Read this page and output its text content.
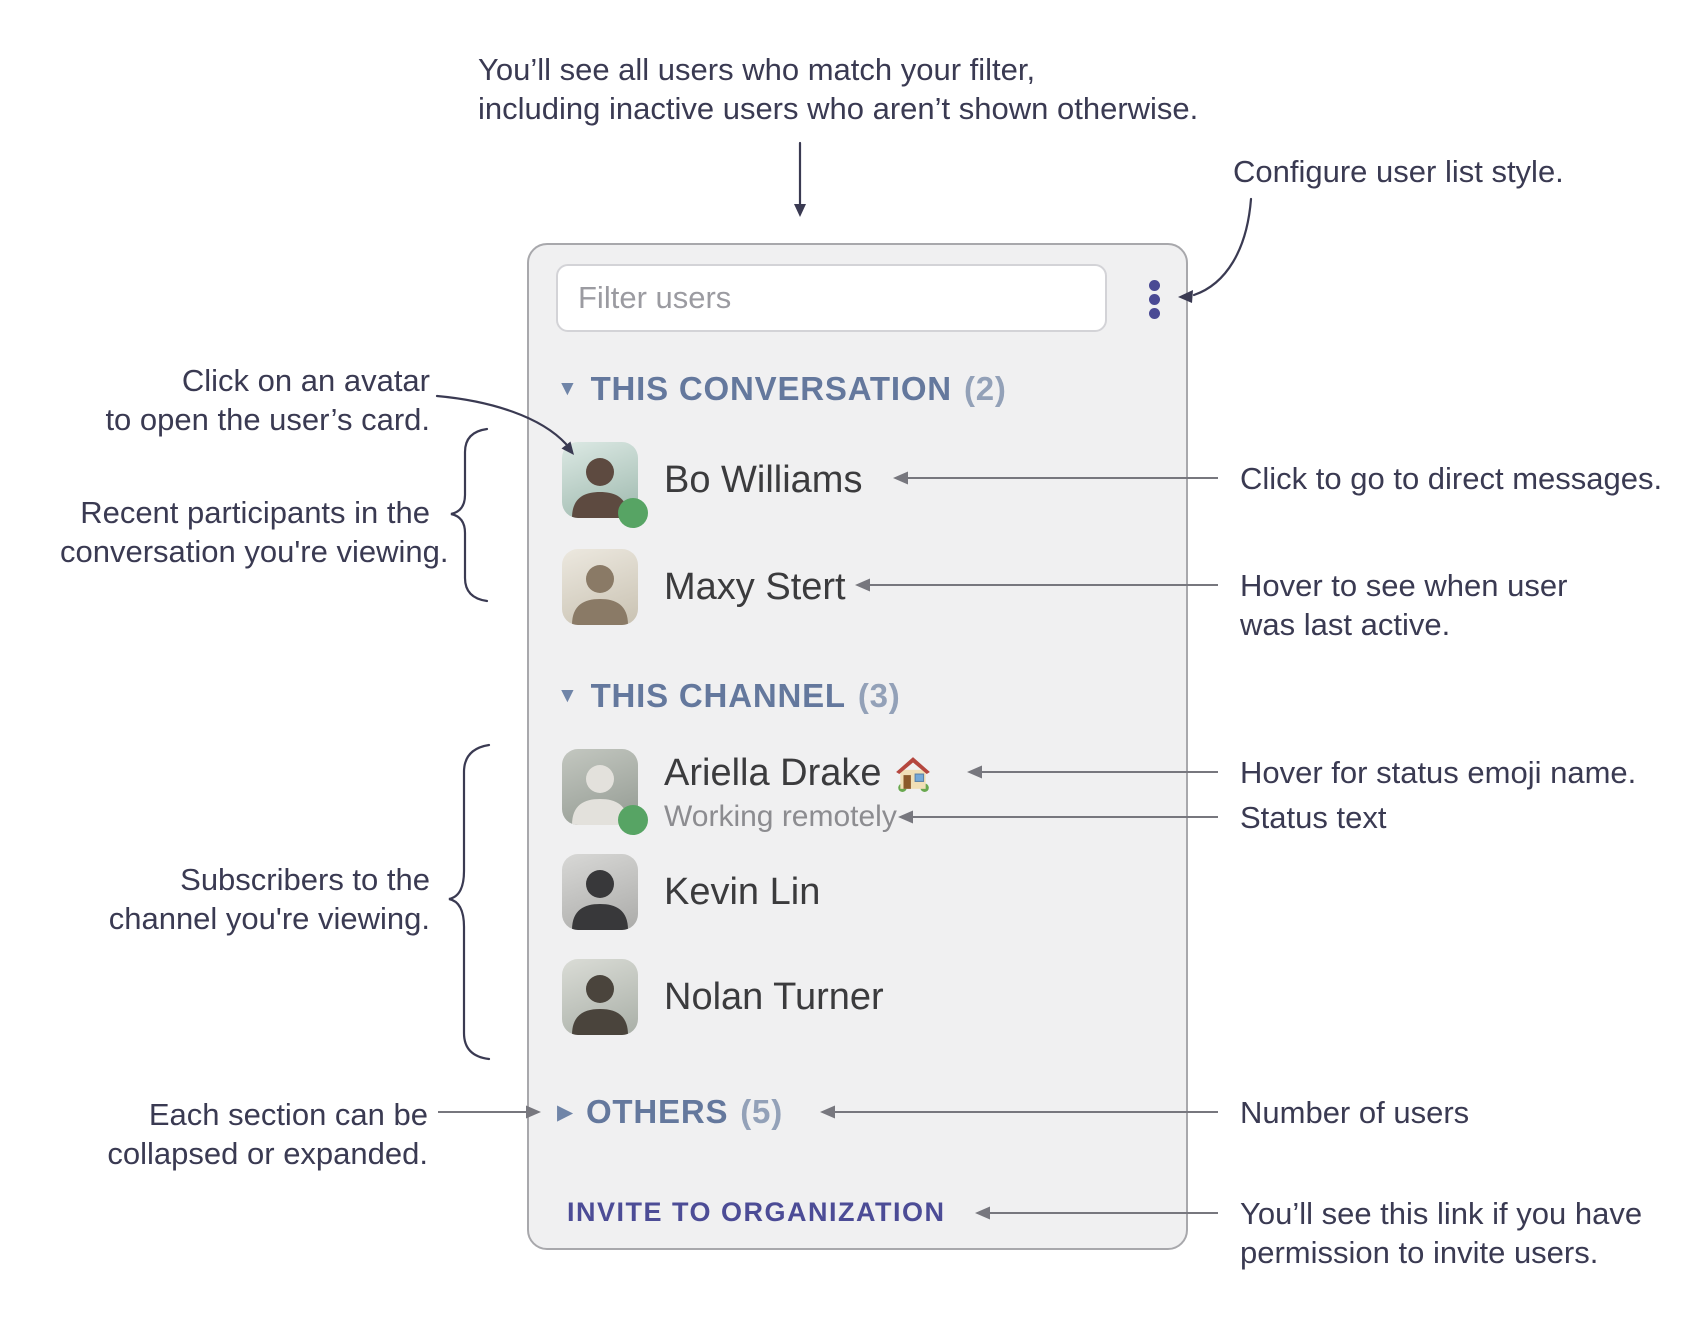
Filter users
▼ THIS CONVERSATION (2)
Bo Williams
Maxy Stert
▼ THIS CHANNEL (3)
Ariella Drake
Working remotely
Kevin Lin
Nolan Turner
▶ OTHERS (5)
INVITE TO ORGANIZATION
You’ll see all users who match your filter,
including inactive users who aren’t shown otherwise.
Configure user list style.
Click on an avatar
to open the user’s card.
Recent participants in the
conversation you're viewing.
Click to go to direct messages.
Hover to see when user
was last active.
Hover for status emoji name.
Status text
Subscribers to the
channel you're viewing.
Each section can be
collapsed or expanded.
Number of users
You’ll see this link if you have
permission to invite users.
